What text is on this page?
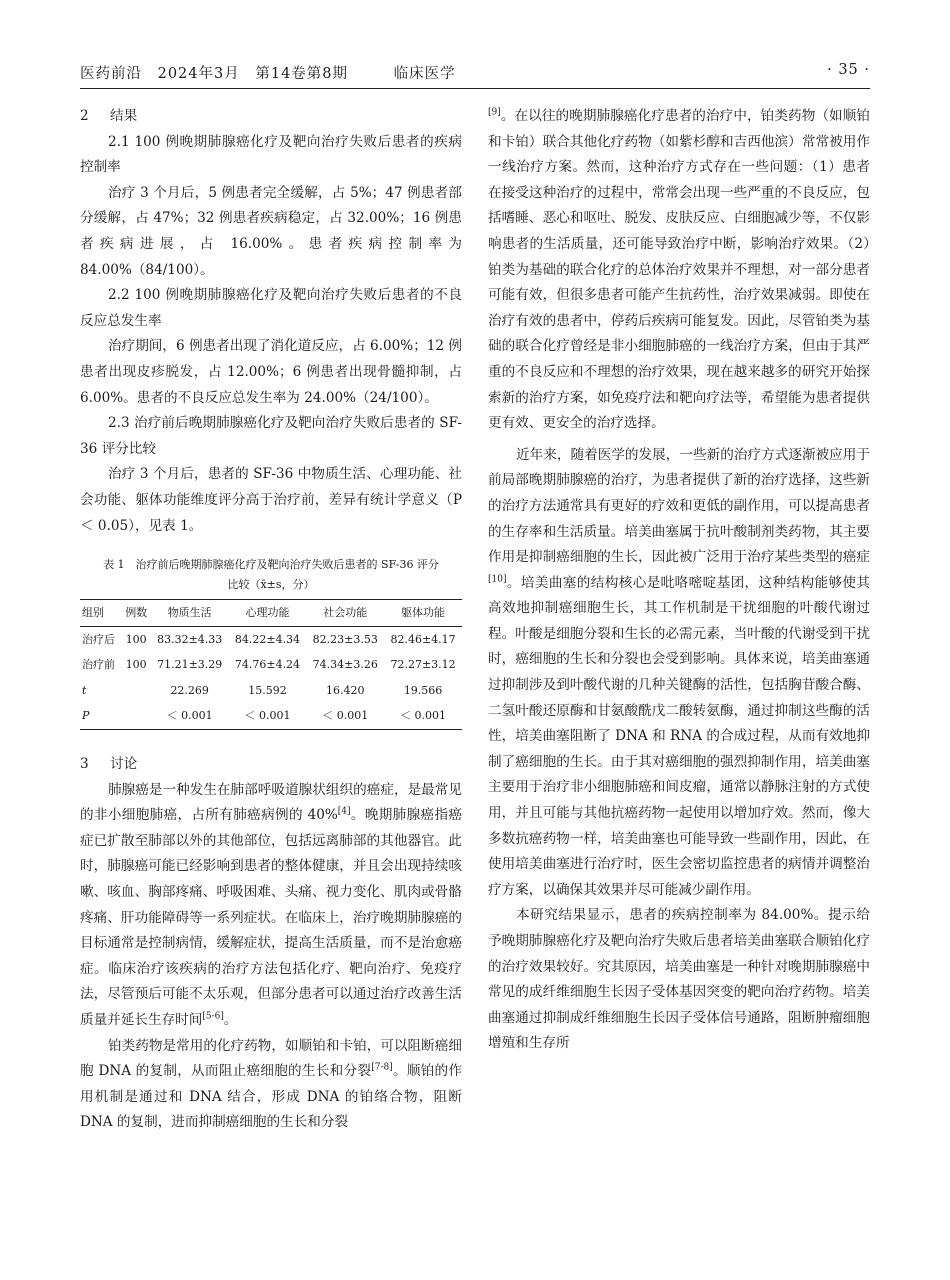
医药前沿 2024年3月 第14卷第8期	临床医学	· 35 ·
2 结果
2.1 100 例晚期肺腺癌化疗及靶向治疗失败后患者的疾病控制率

治疗 3 个月后，5 例患者完全缓解，占 5%；47 例患者部分缓解，占 47%；32 例患者疾病稳定，占 32.00%；16 例患者疾病进展，占 16.00%。患者疾病控制率为 84.00%（84/100）。

2.2 100 例晚期肺腺癌化疗及靶向治疗失败后患者的不良反应总发生率

治疗期间，6 例患者出现了消化道反应，占 6.00%；12 例患者出现皮疹脱发，占 12.00%；6 例患者出现骨髓抑制，占 6.00%。患者的不良反应总发生率为 24.00%（24/100）。

2.3 治疗前后晚期肺腺癌化疗及靶向治疗失败后患者的 SF-36 评分比较

治疗 3 个月后，患者的 SF-36 中物质生活、心理功能、社会功能、躯体功能维度评分高于治疗前，差异有统计学意义（P ＜ 0.05），见表 1。

表 1　治疗前后晚期肺腺癌化疗及靶向治疗失败后患者的 SF-36 评分
比较（x̄±s，分）
组别	例数	物质生活	心理功能	社会功能	躯体功能
治疗后	100	83.32±4.33	84.22±4.34	82.23±3.53	82.46±4.17
治疗前	100	71.21±3.29	74.76±4.24	74.34±3.26	72.27±3.12
t		22.269	15.592	16.420	19.566
P		＜ 0.001	＜ 0.001	＜ 0.001	＜ 0.001
3 讨论

肺腺癌是一种发生在肺部呼吸道腺状组织的癌症，是最常见的非小细胞肺癌，占所有肺癌病例的 40%[4]。晚期肺腺癌指癌症已扩散至肺部以外的其他部位，包括远离肺部的其他器官。此时，肺腺癌可能已经影响到患者的整体健康，并且会出现持续咳嗽、咳血、胸部疼痛、呼吸困难、头痛、视力变化、肌肉或骨骼疼痛、肝功能障碍等一系列症状。在临床上，治疗晚期肺腺癌的目标通常是控制病情，缓解症状，提高生活质量，而不是治愈癌症。临床治疗该疾病的治疗方法包括化疗、靶向治疗、免疫疗法，尽管预后可能不太乐观，但部分患者可以通过治疗改善生活质量并延长生存时间[5-6]。

铂类药物是常用的化疗药物，如顺铂和卡铂，可以阻断癌细胞 DNA 的复制，从而阻止癌细胞的生长和分裂[7-8]。顺铂的作用机制是通过和 DNA 结合，形成 DNA 的铂络合物，阻断 DNA 的复制，进而抑制癌细胞的生长和分裂

[9]。在以往的晚期肺腺癌化疗患者的治疗中，铂类药物（如顺铂和卡铂）联合其他化疗药物（如紫杉醇和吉西他滨）常常被用作一线治疗方案。然而，这种治疗方式存在一些问题：（1）患者在接受这种治疗的过程中，常常会出现一些严重的不良反应，包括嗜睡、恶心和呕吐、脱发、皮肤反应、白细胞减少等，不仅影响患者的生活质量，还可能导致治疗中断，影响治疗效果。（2）铂类为基础的联合化疗的总体治疗效果并不理想，对一部分患者可能有效，但很多患者可能产生抗药性，治疗效果减弱。即使在治疗有效的患者中，停药后疾病可能复发。因此，尽管铂类为基础的联合化疗曾经是非小细胞肺癌的一线治疗方案，但由于其严重的不良反应和不理想的治疗效果，现在越来越多的研究开始探索新的治疗方案，如免疫疗法和靶向疗法等，希望能为患者提供更有效、更安全的治疗选择。

近年来，随着医学的发展，一些新的治疗方式逐渐被应用于前局部晚期肺腺癌的治疗，为患者提供了新的治疗选择，这些新的治疗方法通常具有更好的疗效和更低的副作用，可以提高患者的生存率和生活质量。培美曲塞属于抗叶酸制剂类药物，其主要作用是抑制癌细胞的生长，因此被广泛用于治疗某些类型的癌症[10]。培美曲塞的结构核心是吡咯嘧啶基团，这种结构能够使其高效地抑制癌细胞生长，其工作机制是干扰细胞的叶酸代谢过程。叶酸是细胞分裂和生长的必需元素，当叶酸的代谢受到干扰时，癌细胞的生长和分裂也会受到影响。具体来说，培美曲塞通过抑制涉及到叶酸代谢的几种关键酶的活性，包括胸苷酸合酶、二氢叶酸还原酶和甘氨酸酰戊二酸转氨酶，通过抑制这些酶的活性，培美曲塞阻断了 DNA 和 RNA 的合成过程，从而有效地抑制了癌细胞的生长。由于其对癌细胞的强烈抑制作用，培美曲塞主要用于治疗非小细胞肺癌和间皮瘤，通常以静脉注射的方式使用，并且可能与其他抗癌药物一起使用以增加疗效。然而，像大多数抗癌药物一样，培美曲塞也可能导致一些副作用，因此，在使用培美曲塞进行治疗时，医生会密切监控患者的病情并调整治疗方案，以确保其效果并尽可能减少副作用。

本研究结果显示，患者的疾病控制率为 84.00%。提示给予晚期肺腺癌化疗及靶向治疗失败后患者培美曲塞联合顺铂化疗的治疗效果较好。究其原因，培美曲塞是一种针对晚期肺腺癌中常见的成纤维细胞生长因子受体基因突变的靶向治疗药物。培美曲塞通过抑制成纤维细胞生长因子受体信号通路，阻断肿瘤细胞增殖和生存所
